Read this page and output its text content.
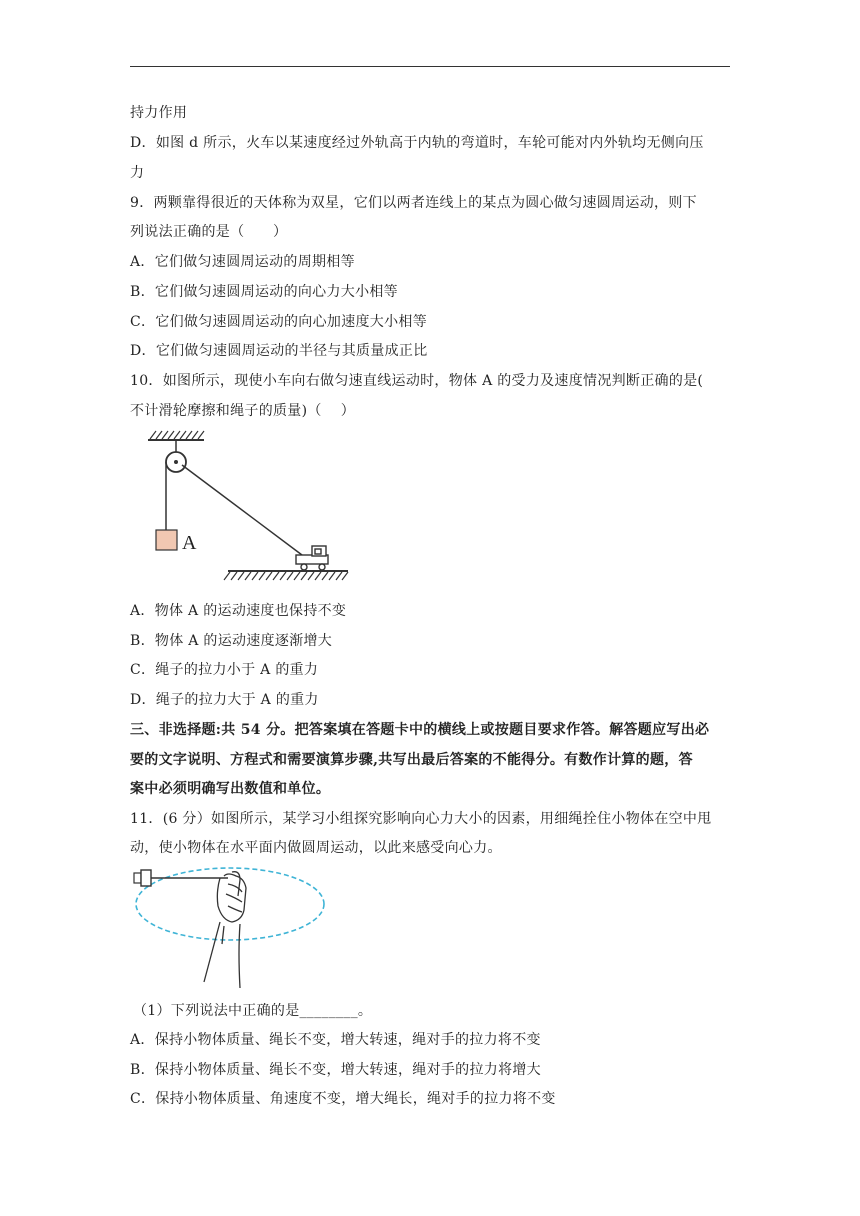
持力作用
D．如图 d 所示，火车以某速度经过外轨高于内轨的弯道时，车轮可能对内外轨均无侧向压
力
9．两颗靠得很近的天体称为双星，它们以两者连线上的某点为圆心做匀速圆周运动，则下
列说法正确的是（　　）
A．它们做匀速圆周运动的周期相等
B．它们做匀速圆周运动的向心力大小相等
C．它们做匀速圆周运动的向心加速度大小相等
D．它们做匀速圆周运动的半径与其质量成正比
10．如图所示，现使小车向右做匀速直线运动时，物体 A 的受力及速度情况判断正确的是(
不计滑轮摩擦和绳子的质量)（　 ）
A
A．物体 A 的运动速度也保持不变
B．物体 A 的运动速度逐渐增大
C．绳子的拉力小于 A 的重力
D．绳子的拉力大于 A 的重力
三、非选择题:共 54 分。把答案填在答题卡中的横线上或按题目要求作答。解答题应写出必
要的文字说明、方程式和需要演算步骤,共写出最后答案的不能得分。有数作计算的题，答
案中必须明确写出数值和单位。
11．(6 分）如图所示，某学习小组探究影响向心力大小的因素，用细绳拴住小物体在空中甩
动，使小物体在水平面内做圆周运动，以此来感受向心力。
（1）下列说法中正确的是________。
A．保持小物体质量、绳长不变，增大转速，绳对手的拉力将不变
B．保持小物体质量、绳长不变，增大转速，绳对手的拉力将增大
C．保持小物体质量、角速度不变，增大绳长，绳对手的拉力将不变
